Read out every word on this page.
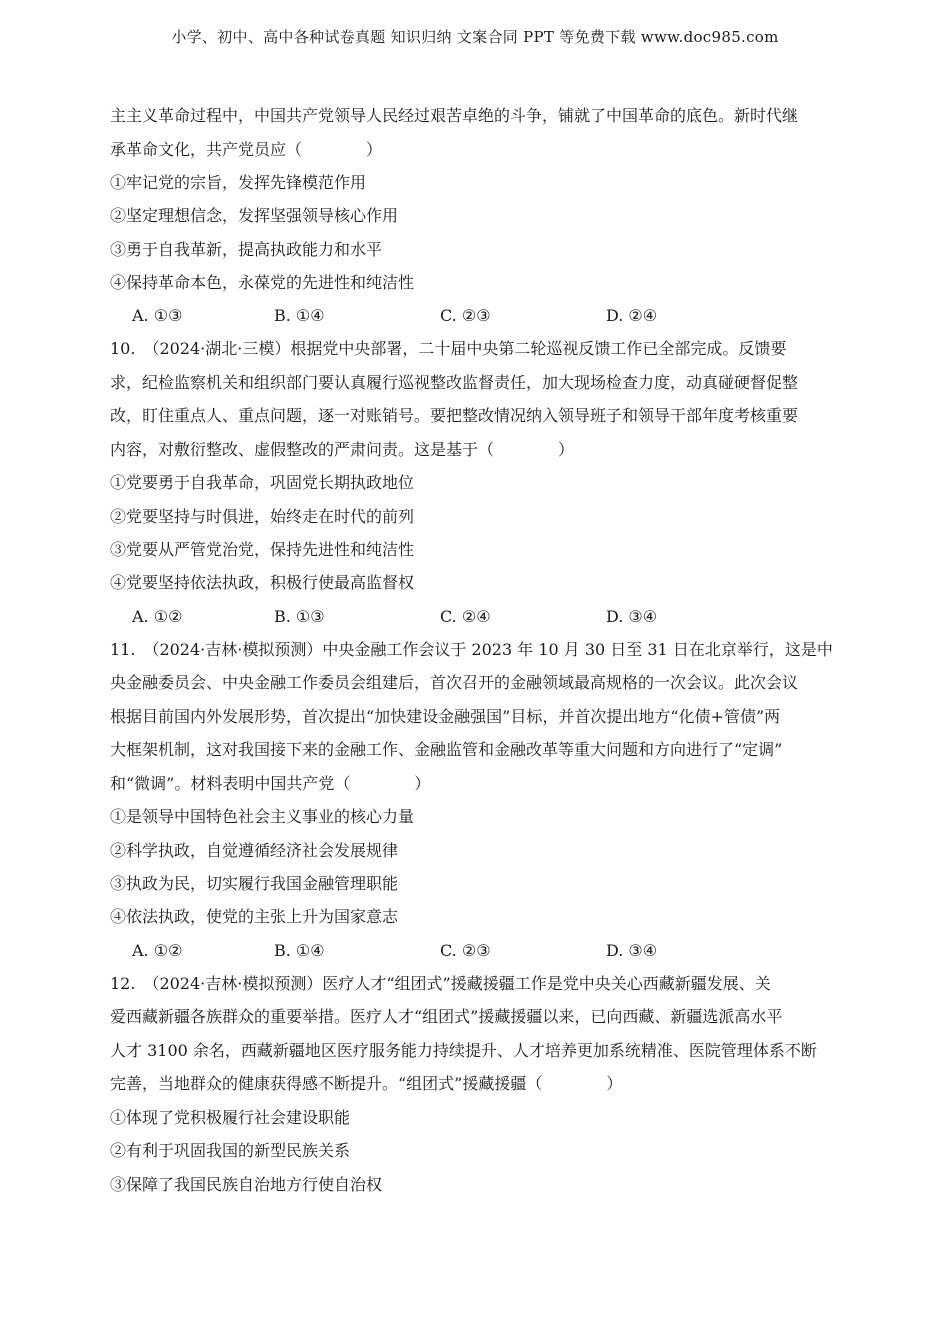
小学、初中、高中各种试卷真题 知识归纳 文案合同 PPT 等免费下载 www.doc985.com

主主义革命过程中，中国共产党领导人民经过艰苦卓绝的斗争，铺就了中国革命的底色。新时代继

承革命文化，共产党员应（　　　　）

①牢记党的宗旨，发挥先锋模范作用

②坚定理想信念，发挥坚强领导核心作用

③勇于自我革新，提高执政能力和水平

④保持革命本色，永葆党的先进性和纯洁性

A. ①③	B. ①④	C. ②③	D. ②④

10.　（2024·湖北·三模）根据党中央部署，二十届中央第二轮巡视反馈工作已全部完成。反馈要

求，纪检监察机关和组织部门要认真履行巡视整改监督责任，加大现场检查力度，动真碰硬督促整

改，盯住重点人、重点问题，逐一对账销号。要把整改情况纳入领导班子和领导干部年度考核重要

内容，对敷衍整改、虚假整改的严肃问责。这是基于（　　　　）

①党要勇于自我革命，巩固党长期执政地位

②党要坚持与时俱进，始终走在时代的前列

③党要从严管党治党，保持先进性和纯洁性

④党要坚持依法执政，积极行使最高监督权

A. ①②	B. ①③	C. ②④	D. ③④

11.　（2024·吉林·模拟预测）中央金融工作会议于 2023 年 10 月 30 日至 31 日在北京举行，这是中

央金融委员会、中央金融工作委员会组建后，首次召开的金融领域最高规格的一次会议。此次会议

根据目前国内外发展形势，首次提出“加快建设金融强国”目标，并首次提出地方“化债+管债”两

大框架机制，这对我国接下来的金融工作、金融监管和金融改革等重大问题和方向进行了“定调”

和“微调”。材料表明中国共产党（　　　　）

①是领导中国特色社会主义事业的核心力量

②科学执政，自觉遵循经济社会发展规律

③执政为民，切实履行我国金融管理职能

④依法执政，使党的主张上升为国家意志

A. ①②	B. ①④	C. ②③	D. ③④

12.　（2024·吉林·模拟预测）医疗人才“组团式”援藏援疆工作是党中央关心西藏新疆发展、关

爱西藏新疆各族群众的重要举措。医疗人才“组团式”援藏援疆以来，已向西藏、新疆选派高水平

人才 3100 余名，西藏新疆地区医疗服务能力持续提升、人才培养更加系统精准、医院管理体系不断

完善，当地群众的健康获得感不断提升。“组团式”援藏援疆（　　　　）

①体现了党积极履行社会建设职能

②有利于巩固我国的新型民族关系

③保障了我国民族自治地方行使自治权
